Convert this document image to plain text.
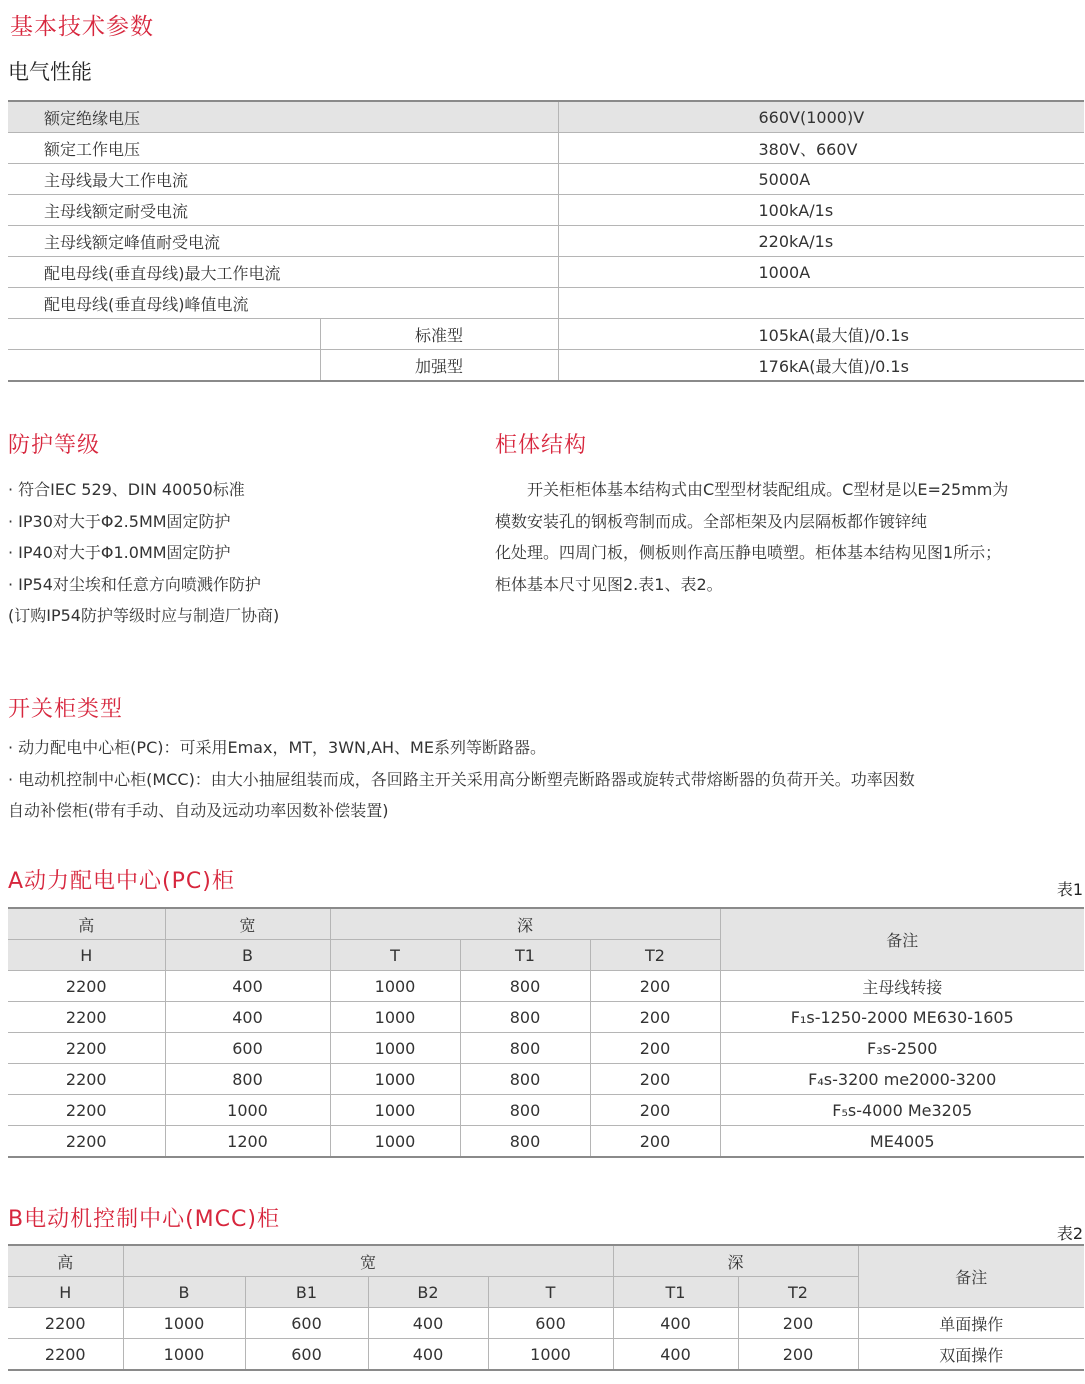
基本技术参数
电气性能
额定绝缘电压		660V(1000)V
额定工作电压		380V、660V
主母线最大工作电流		5000A
主母线额定耐受电流		100kA/1s
主母线额定峰值耐受电流		220kA/1s
配电母线(垂直母线)最大工作电流		1000A
配电母线(垂直母线)峰值电流		
	标准型	105kA(最大值)/0.1s
	加强型	176kA(最大值)/0.1s
防护等级
· 符合IEC 529、DIN 40050标准
· IP30对大于Φ2.5MM固定防护
· IP40对大于Φ1.0MM固定防护
· IP54对尘埃和任意方向喷溅作防护
(订购IP54防护等级时应与制造厂协商)
柜体结构
　　开关柜柜体基本结构式由C型型材装配组成。C型材是以E=25mm为
模数安装孔的钢板弯制而成。全部柜架及内层隔板都作镀锌纯
化处理。四周门板，侧板则作高压静电喷塑。柜体基本结构见图1所示；
柜体基本尺寸见图2.表1、表2。
开关柜类型
· 动力配电中心柜(PC)：可采用Emax，MT，3WN,AH、ME系列等断路器。
· 电动机控制中心柜(MCC)：由大小抽屉组装而成，各回路主开关采用高分断塑壳断路器或旋转式带熔断器的负荷开关。功率因数
自动补偿柜(带有手动、自动及远动功率因数补偿装置)
A动力配电中心(PC)柜	表1
高	宽	深			备注
H	B	T	T1	T2	
2200	400	1000	800	200	主母线转接
2200	400	1000	800	200	F₁s-1250-2000 ME630-1605
2200	600	1000	800	200	F₃s-2500
2200	800	1000	800	200	F₄s-3200 me2000-3200
2200	1000	1000	800	200	F₅s-4000 Me3205
2200	1200	1000	800	200	ME4005
B电动机控制中心(MCC)柜
表2
高	宽				深		备注
H	B	B1	B2	T	T1	T2	
2200	1000	600	400	600	400	200	单面操作
2200	1000	600	400	1000	400	200	双面操作
